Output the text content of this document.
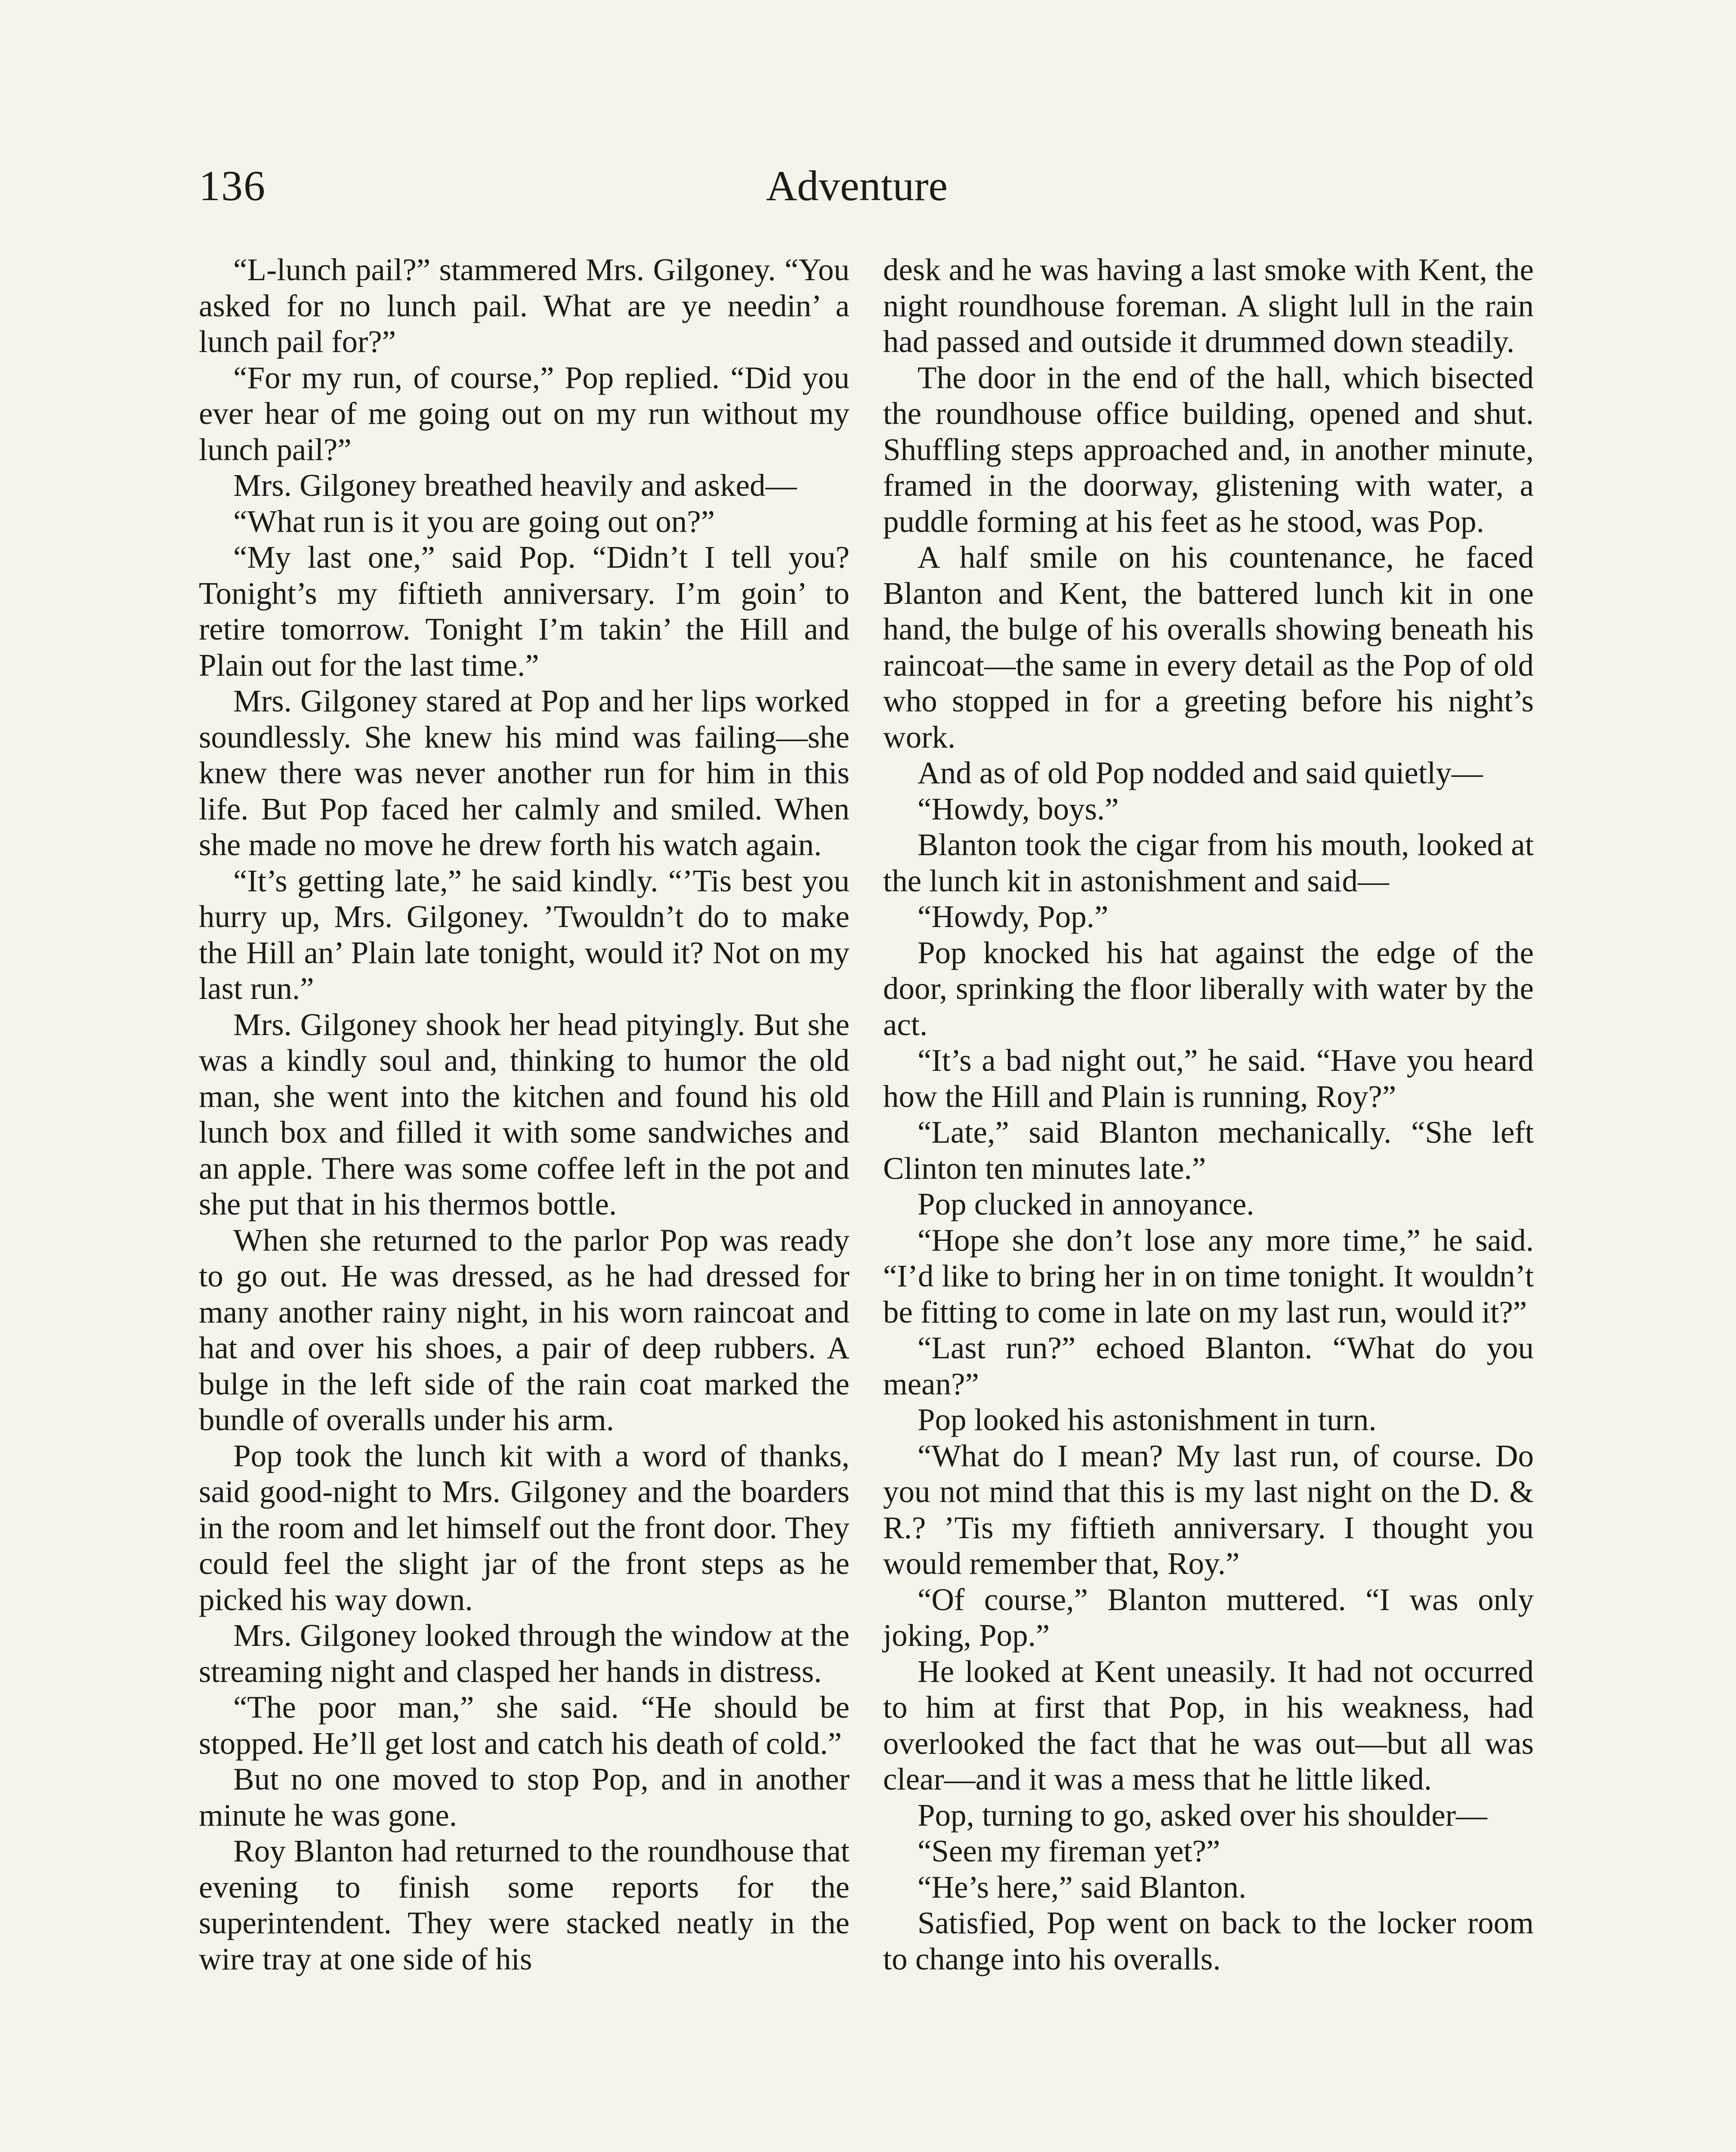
136	Adventure

“L-lunch pail?” stammered Mrs. Gilgoney. “You asked for no lunch pail. What are ye needin’ a lunch pail for?”

“For my run, of course,” Pop replied. “Did you ever hear of me going out on my run without my lunch pail?”

Mrs. Gilgoney breathed heavily and asked—

“What run is it you are going out on?”

“My last one,” said Pop. “Didn’t I tell you? Tonight’s my fiftieth anniversary. I’m goin’ to retire tomorrow. Tonight I’m takin’ the Hill and Plain out for the last time.”

Mrs. Gilgoney stared at Pop and her lips worked soundlessly. She knew his mind was failing—she knew there was never another run for him in this life. But Pop faced her calmly and smiled. When she made no move he drew forth his watch again.

“It’s getting late,” he said kindly. “’Tis best you hurry up, Mrs. Gilgoney. ’Twouldn’t do to make the Hill an’ Plain late tonight, would it? Not on my last run.”

Mrs. Gilgoney shook her head pityingly. But she was a kindly soul and, thinking to humor the old man, she went into the kitchen and found his old lunch box and filled it with some sandwiches and an apple. There was some coffee left in the pot and she put that in his thermos bottle.

When she returned to the parlor Pop was ready to go out. He was dressed, as he had dressed for many another rainy night, in his worn raincoat and hat and over his shoes, a pair of deep rubbers. A bulge in the left side of the rain coat marked the bundle of overalls under his arm.

Pop took the lunch kit with a word of thanks, said good-night to Mrs. Gilgoney and the boarders in the room and let himself out the front door. They could feel the slight jar of the front steps as he picked his way down.

Mrs. Gilgoney looked through the window at the streaming night and clasped her hands in distress.

“The poor man,” she said. “He should be stopped. He’ll get lost and catch his death of cold.”

But no one moved to stop Pop, and in another minute he was gone.

Roy Blanton had returned to the roundhouse that evening to finish some reports for the superintendent. They were stacked neatly in the wire tray at one side of his

desk and he was having a last smoke with Kent, the night roundhouse foreman. A slight lull in the rain had passed and outside it drummed down steadily.

The door in the end of the hall, which bisected the roundhouse office building, opened and shut. Shuffling steps approached and, in another minute, framed in the doorway, glistening with water, a puddle forming at his feet as he stood, was Pop.

A half smile on his countenance, he faced Blanton and Kent, the battered lunch kit in one hand, the bulge of his overalls showing beneath his raincoat—the same in every detail as the Pop of old who stopped in for a greeting before his night’s work.

And as of old Pop nodded and said quietly—

“Howdy, boys.”

Blanton took the cigar from his mouth, looked at the lunch kit in astonishment and said—

“Howdy, Pop.”

Pop knocked his hat against the edge of the door, sprinking the floor liberally with water by the act.

“It’s a bad night out,” he said. “Have you heard how the Hill and Plain is running, Roy?”

“Late,” said Blanton mechanically. “She left Clinton ten minutes late.”

Pop clucked in annoyance.

“Hope she don’t lose any more time,” he said. “I’d like to bring her in on time tonight. It wouldn’t be fitting to come in late on my last run, would it?”

“Last run?” echoed Blanton. “What do you mean?”

Pop looked his astonishment in turn.

“What do I mean? My last run, of course. Do you not mind that this is my last night on the D. & R.? ’Tis my fiftieth anniversary. I thought you would remember that, Roy.”

“Of course,” Blanton muttered. “I was only joking, Pop.”

He looked at Kent uneasily. It had not occurred to him at first that Pop, in his weakness, had overlooked the fact that he was out—but all was clear—and it was a mess that he little liked.

Pop, turning to go, asked over his shoulder—

“Seen my fireman yet?”

“He’s here,” said Blanton.

Satisfied, Pop went on back to the locker room to change into his overalls.
